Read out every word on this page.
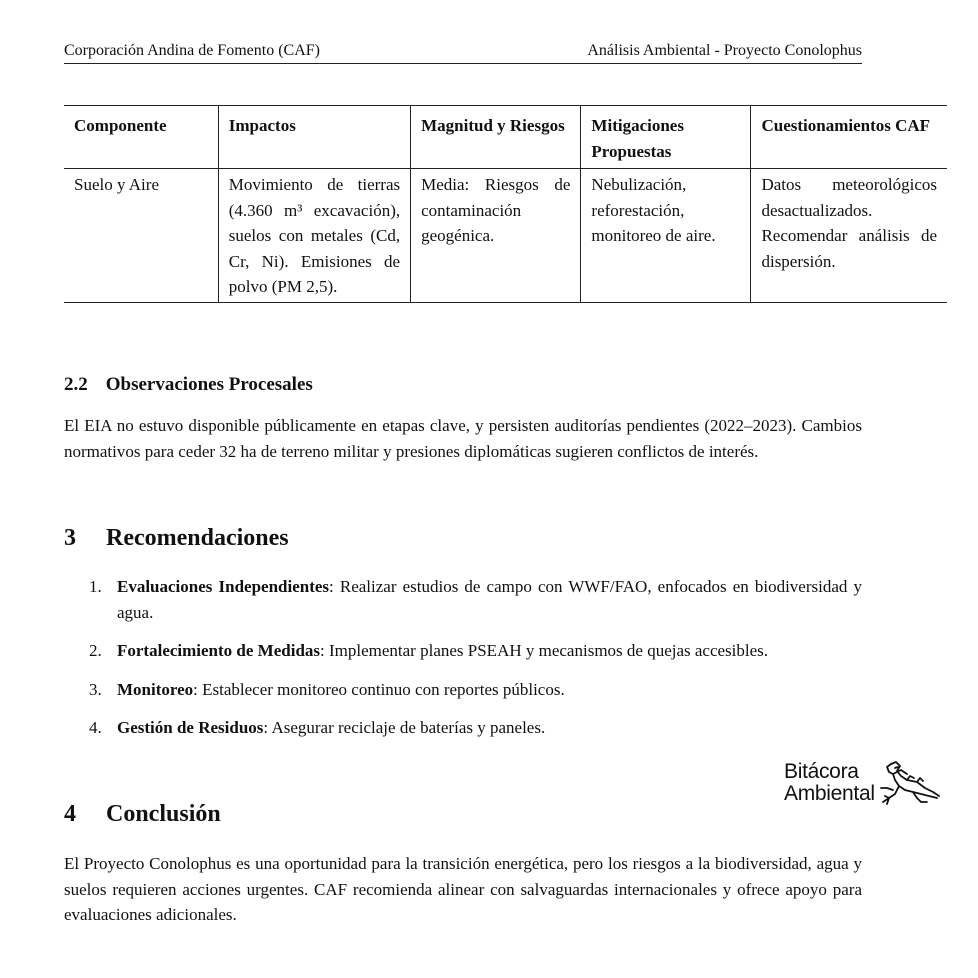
Corporación Andina de Fomento (CAF)	Análisis Ambiental - Proyecto Conolophus
Componente	Impactos	Magnitud y Riesgos	Mitigaciones Propuestas	Cuestionamientos CAF
Suelo y Aire	Movimiento de tierras (4.360 m³ excavación), suelos con metales (Cd, Cr, Ni). Emisiones de polvo (PM 2,5).	Media: Riesgos de contaminación geogénica.	Nebulización, reforestación, monitoreo de aire.	Datos meteorológicos desactualizados. Recomendar análisis de dispersión.
2.2 Observaciones Procesales

El EIA no estuvo disponible públicamente en etapas clave, y persisten auditorías pendientes (2022–2023). Cambios normativos para ceder 32 ha de terreno militar y presiones diplomáticas sugieren conflictos de interés.

3 Recomendaciones
1. Evaluaciones Independientes: Realizar estudios de campo con WWF/FAO, enfocados en biodiversidad y agua.
2. Fortalecimiento de Medidas: Implementar planes PSEAH y mecanismos de quejas accesibles.
3. Monitoreo: Establecer monitoreo continuo con reportes públicos.
4. Gestión de Residuos: Asegurar reciclaje de baterías y paneles.
Bitácora
Ambiental
4 Conclusión

El Proyecto Conolophus es una oportunidad para la transición energética, pero los riesgos a la biodiversidad, agua y suelos requieren acciones urgentes. CAF recomienda alinear con salvaguardas internacionales y ofrece apoyo para evaluaciones adicionales.
